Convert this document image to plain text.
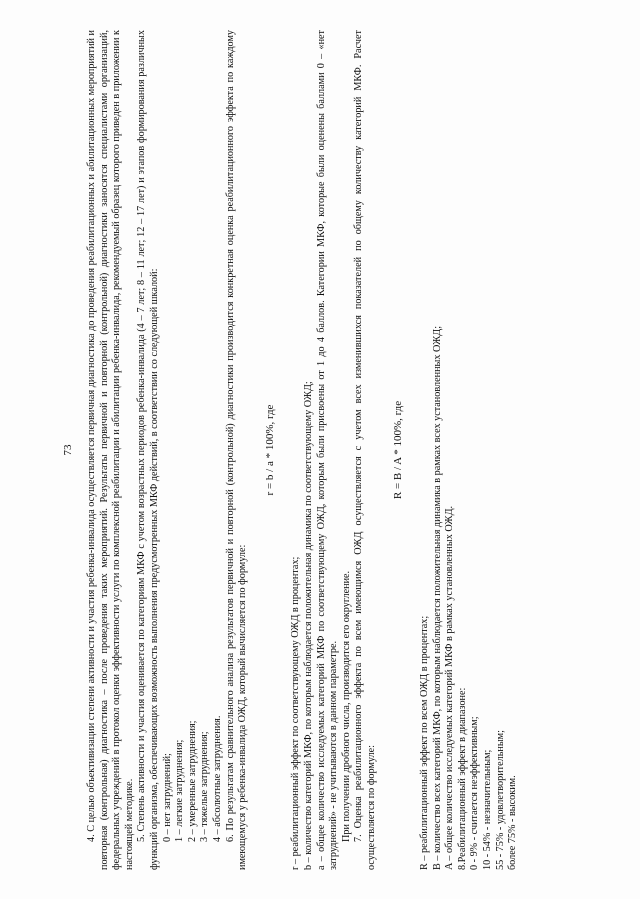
73 4. С целью объективизации степени активности и участия ребенка-инвалида осуществляется первичная диагностика до проведения реабилитационных и абилитационных мероприятий и повторная (контрольная) диагностика – после проведения таких мероприятий. Результаты первичной и повторной (контрольной) диагностики заносятся специалистами организаций, федеральных учреждений в протокол оценки эффективности услуги по комплексной реабилитации и абилитации ребенка-инвалида, рекомендуемый образец которого приведен в приложении к настоящей методике. 5. Степень активности и участия оценивается по категориям МКФ с учетом возрастных периодов ребенка-инвалида (4 – 7 лет; 8 – 11 лет; 12 – 17 лет) и этапов формирования различных функций организма, обеспечивающих возможность выполнения предусмотренных МКФ действий, в соответствии со следующей шкалой: 0 – нет затруднений; 1 – легкие затруднения; 2 – умеренные затруднения; 3 – тяжелые затруднения; 4 – абсолютные затруднения. 6. По результатам сравнительного анализа результатов первичной и повторной (контрольной) диагностики производится конкретная оценка реабилитационного эффекта по каждому имеющемуся у ребенка-инвалида ОЖД, который вычисляется по формуле:

r = b / a * 100%, где

r – реабилитационный эффект по соответствующему ОЖД в процентах; b – количество категорий МКФ, по которым наблюдается положительная динамика по соответствующему ОЖД; a – общее количество исследуемых категорий МКФ по соответствующему ОЖД, которым были присвоены от 1 до 4 баллов. Категории МКФ, которые были оценены баллами 0 – «нет затруднений» - не учитываются в данном параметре. При получении дробного числа, производится его округление. 7. Оценка реабилитационного эффекта по всем имеющимся ОЖД осуществляется с учетом всех изменившихся показателей по общему количеству категорий МКФ. Расчет осуществляется по формуле:

R = B / A * 100%, где

R – реабилитационный эффект по всем ОЖД в процентах; B – количество всех категорий МКФ, по которым наблюдается положительная динамика в рамках всех установленных ОЖД; A – общее количество исследуемых категорий МКФ в рамках установленных ОЖД. 8.Реабилитационный эффект в диапазоне: 0 - 9% - считается неэффективным; 10 - 54% - незначительным; 55 - 75% - удовлетворительным; более 75% - высоким.
